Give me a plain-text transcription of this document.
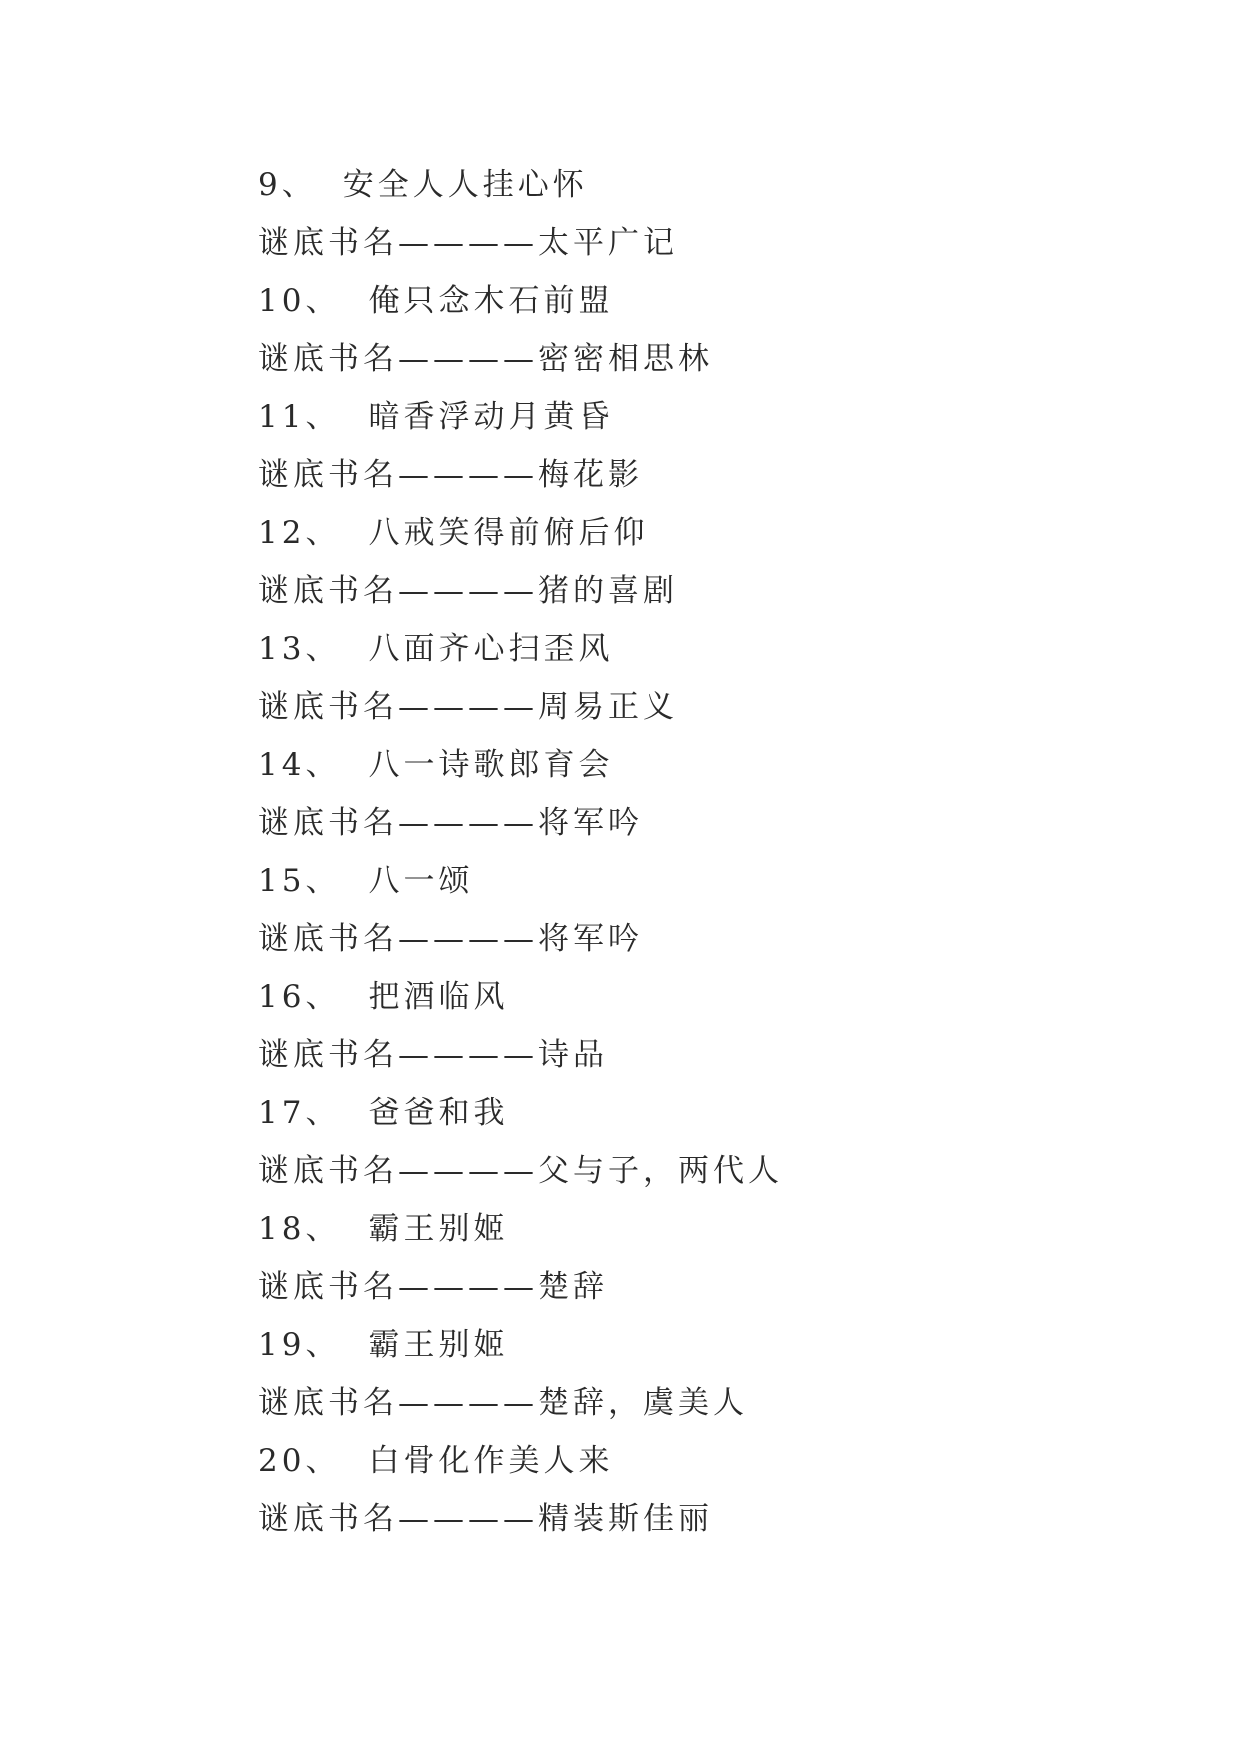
9、 安全人人挂心怀
谜底书名————太平广记
10、 俺只念木石前盟
谜底书名————密密相思林
11、 暗香浮动月黄昏
谜底书名————梅花影
12、 八戒笑得前俯后仰
谜底书名————猪的喜剧
13、 八面齐心扫歪风
谜底书名————周易正义
14、 八一诗歌郎育会
谜底书名————将军吟
15、 八一颂
谜底书名————将军吟
16、 把酒临风
谜底书名————诗品
17、 爸爸和我
谜底书名————父与子，两代人
18、 霸王别姬
谜底书名————楚辞
19、 霸王别姬
谜底书名————楚辞，虞美人
20、 白骨化作美人来
谜底书名————精装斯佳丽
